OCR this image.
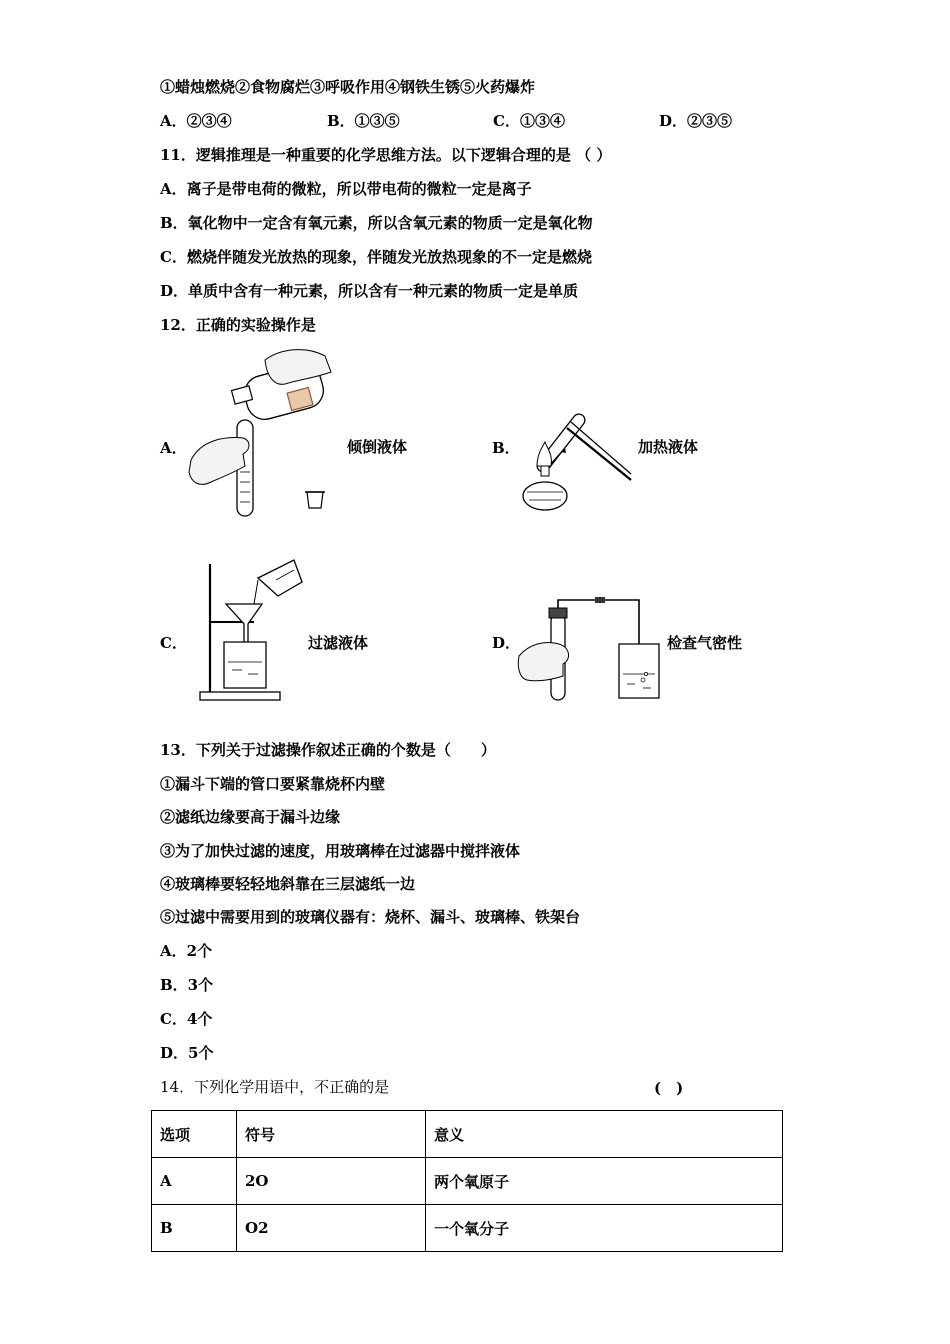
①蜡烛燃烧②食物腐烂③呼吸作用④钢铁生锈⑤火药爆炸
A．②③④	B．①③⑤	C．①③④	D．②③⑤
11．逻辑推理是一种重要的化学思维方法。以下逻辑合理的是 （ ）
A．离子是带电荷的微粒，所以带电荷的微粒一定是离子
B．氧化物中一定含有氧元素，所以含氧元素的物质一定是氧化物
C．燃烧伴随发光放热的现象，伴随发光放热现象的不一定是燃烧
D．单质中含有一种元素，所以含有一种元素的物质一定是单质
12．正确的实验操作是
A．	倾倒液体	B．	加热液体
C．	过滤液体	D．	检查气密性
13．下列关于过滤操作叙述正确的个数是（　　）
①漏斗下端的管口要紧靠烧杯内壁
②滤纸边缘要高于漏斗边缘
③为了加快过滤的速度，用玻璃棒在过滤器中搅拌液体
④玻璃棒要轻轻地斜靠在三层滤纸一边
⑤过滤中需要用到的玻璃仪器有：烧杯、漏斗、玻璃棒、铁架台
A．2个
B．3个
C．4个
D．5个
14．下列化学用语中，不正确的是	(　)
选项	符号	意义
A	2O	两个氧原子
B	O2	一个氧分子
